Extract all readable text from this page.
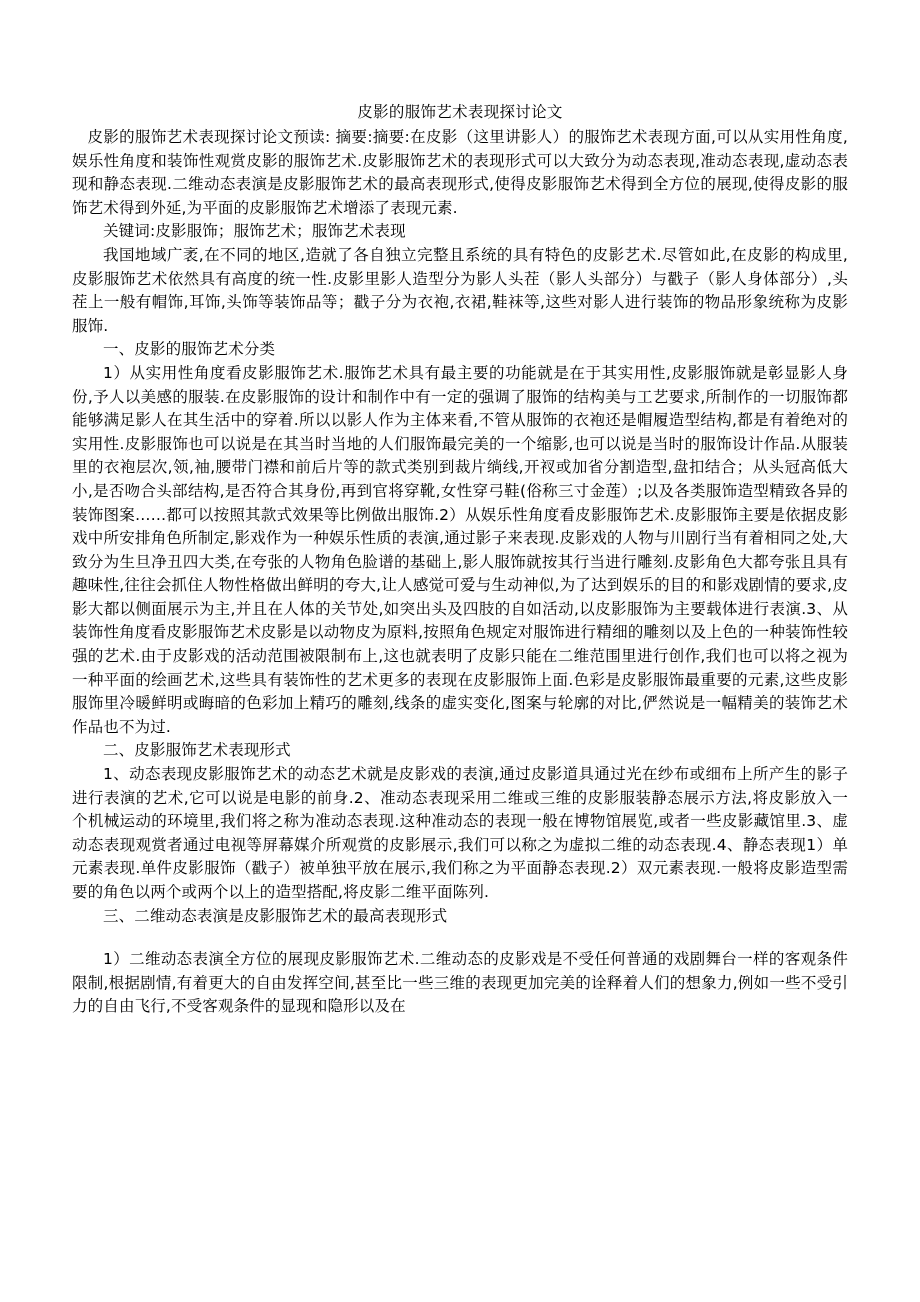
皮影的服饰艺术表现探讨论文

皮影的服饰艺术表现探讨论文预读: 摘要:摘要:在皮影（这里讲影人）的服饰艺术表现方面,可以从实用性角度,娱乐性角度和装饰性观赏皮影的服饰艺术.皮影服饰艺术的表现形式可以大致分为动态表现,准动态表现,虚动态表现和静态表现.二维动态表演是皮影服饰艺术的最高表现形式,使得皮影服饰艺术得到全方位的展现,使得皮影的服饰艺术得到外延,为平面的皮影服饰艺术增添了表现元素.

关键词:皮影服饰；服饰艺术；服饰艺术表现

我国地域广袤,在不同的地区,造就了各自独立完整且系统的具有特色的皮影艺术.尽管如此,在皮影的构成里,皮影服饰艺术依然具有高度的统一性.皮影里影人造型分为影人头茬（影人头部分）与戳子（影人身体部分）,头茬上一般有帽饰,耳饰,头饰等装饰品等；戳子分为衣袍,衣裙,鞋袜等,这些对影人进行装饰的物品形象统称为皮影服饰.

一、皮影的服饰艺术分类

1）从实用性角度看皮影服饰艺术.服饰艺术具有最主要的功能就是在于其实用性,皮影服饰就是彰显影人身份,予人以美感的服装.在皮影服饰的设计和制作中有一定的强调了服饰的结构美与工艺要求,所制作的一切服饰都能够满足影人在其生活中的穿着.所以以影人作为主体来看,不管从服饰的衣袍还是帽履造型结构,都是有着绝对的实用性.皮影服饰也可以说是在其当时当地的人们服饰最完美的一个缩影,也可以说是当时的服饰设计作品.从服装里的衣袍层次,领,袖,腰带门襟和前后片等的款式类别到裁片绱线,开衩或加省分割造型,盘扣结合；从头冠高低大小,是否吻合头部结构,是否符合其身份,再到官将穿靴,女性穿弓鞋(俗称三寸金莲）;以及各类服饰造型精致各异的装饰图案……都可以按照其款式效果等比例做出服饰.2）从娱乐性角度看皮影服饰艺术.皮影服饰主要是依据皮影戏中所安排角色所制定,影戏作为一种娱乐性质的表演,通过影子来表现.皮影戏的人物与川剧行当有着相同之处,大致分为生旦净丑四大类,在夸张的人物角色脸谱的基础上,影人服饰就按其行当进行雕刻.皮影角色大都夸张且具有趣味性,往往会抓住人物性格做出鲜明的夸大,让人感觉可爱与生动神似,为了达到娱乐的目的和影戏剧情的要求,皮影大都以侧面展示为主,并且在人体的关节处,如突出头及四肢的自如活动,以皮影服饰为主要载体进行表演.3、从装饰性角度看皮影服饰艺术皮影是以动物皮为原料,按照角色规定对服饰进行精细的雕刻以及上色的一种装饰性较强的艺术.由于皮影戏的活动范围被限制布上,这也就表明了皮影只能在二维范围里进行创作,我们也可以将之视为一种平面的绘画艺术,这些具有装饰性的艺术更多的表现在皮影服饰上面.色彩是皮影服饰最重要的元素,这些皮影服饰里冷暖鲜明或晦暗的色彩加上精巧的雕刻,线条的虚实变化,图案与轮廓的对比,俨然说是一幅精美的装饰艺术作品也不为过.

二、皮影服饰艺术表现形式

1、动态表现皮影服饰艺术的动态艺术就是皮影戏的表演,通过皮影道具通过光在纱布或细布上所产生的影子进行表演的艺术,它可以说是电影的前身.2、准动态表现采用二维或三维的皮影服装静态展示方法,将皮影放入一个机械运动的环境里,我们将之称为准动态表现.这种准动态的表现一般在博物馆展览,或者一些皮影藏馆里.3、虚动态表现观赏者通过电视等屏幕媒介所观赏的皮影展示,我们可以称之为虚拟二维的动态表现.4、静态表现1）单元素表现.单件皮影服饰（戳子）被单独平放在展示,我们称之为平面静态表现.2）双元素表现.一般将皮影造型需要的角色以两个或两个以上的造型搭配,将皮影二维平面陈列.

三、二维动态表演是皮影服饰艺术的最高表现形式

1）二维动态表演全方位的展现皮影服饰艺术.二维动态的皮影戏是不受任何普通的戏剧舞台一样的客观条件限制,根据剧情,有着更大的自由发挥空间,甚至比一些三维的表现更加完美的诠释着人们的想象力,例如一些不受引力的自由飞行,不受客观条件的显现和隐形以及在
